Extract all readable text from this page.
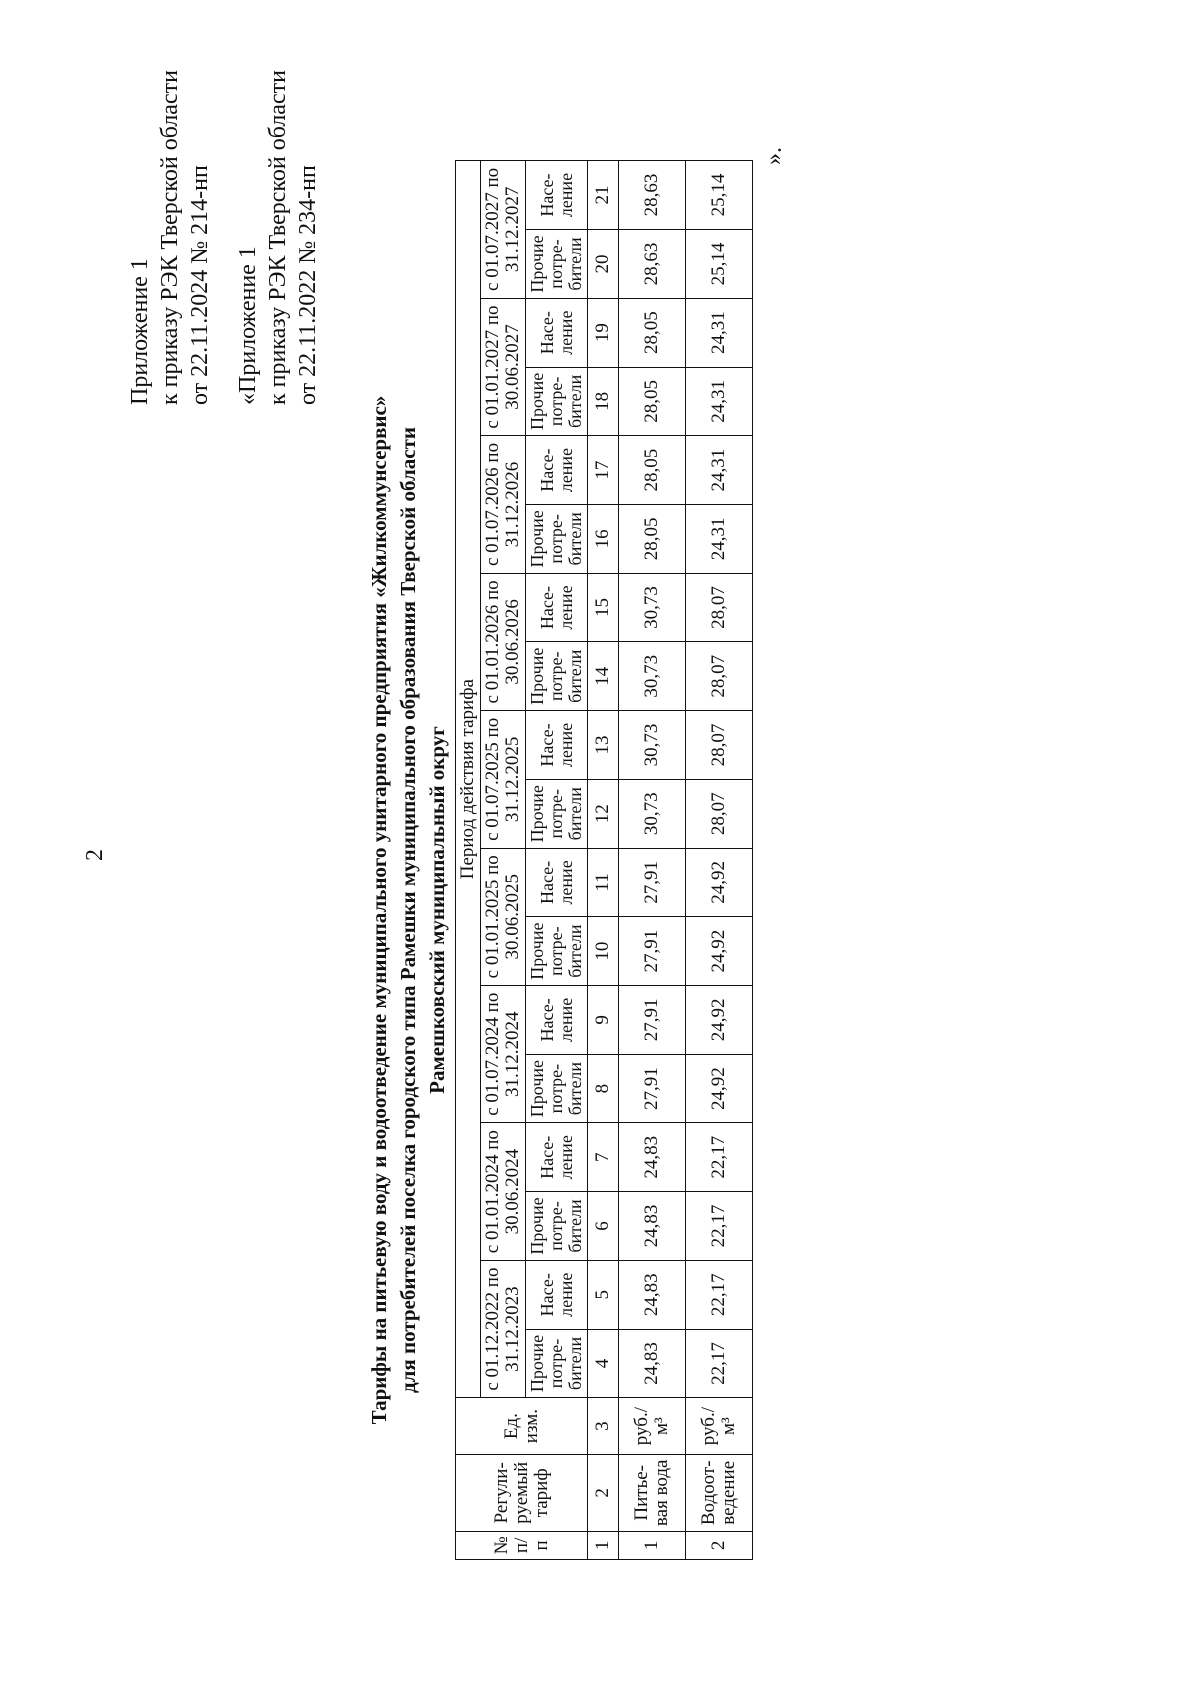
2
Приложение 1 к приказу РЭК Тверской области от 22.11.2024 № 214-нп «Приложение 1 к приказу РЭК Тверской области от 22.11.2022 № 234-нп
Тарифы на питьевую воду и водоотведение муниципального унитарного предприятия «Жилкоммунсервис» для потребителей поселка городского типа Рамешки муниципального образования Тверской области Рамешковский муниципальный округ
№ п/п	Регули-руемый тариф	Ед. изм.	Период действия тарифа																	
			с 01.12.2022 по 31.12.2023		с 01.01.2024 по 30.06.2024		с 01.07.2024 по 31.12.2024		с 01.01.2025 по 30.06.2025		с 01.07.2025 по 31.12.2025		с 01.01.2026 по 30.06.2026		с 01.07.2026 по 31.12.2026		с 01.01.2027 по 30.06.2027		с 01.07.2027 по 31.12.2027	
			Прочие потре-бители	Насе-ление	Прочие потре-бители	Насе-ление	Прочие потре-бители	Насе-ление	Прочие потре-бители	Насе-ление	Прочие потре-бители	Насе-ление	Прочие потре-бители	Насе-ление	Прочие потре-бители	Насе-ление	Прочие потре-бители	Насе-ление	Прочие потре-бители	Насе-ление
1	2	3	4	5	6	7	8	9	10	11	12	13	14	15	16	17	18	19	20	21
1	Питье-вая вода	руб./м³	24,83	24,83	24,83	24,83	27,91	27,91	27,91	27,91	30,73	30,73	30,73	30,73	28,05	28,05	28,05	28,05	28,63	28,63
2	Водоот-ведение	руб./м³	22,17	22,17	22,17	22,17	24,92	24,92	24,92	24,92	28,07	28,07	28,07	28,07	24,31	24,31	24,31	24,31	25,14	25,14
».
